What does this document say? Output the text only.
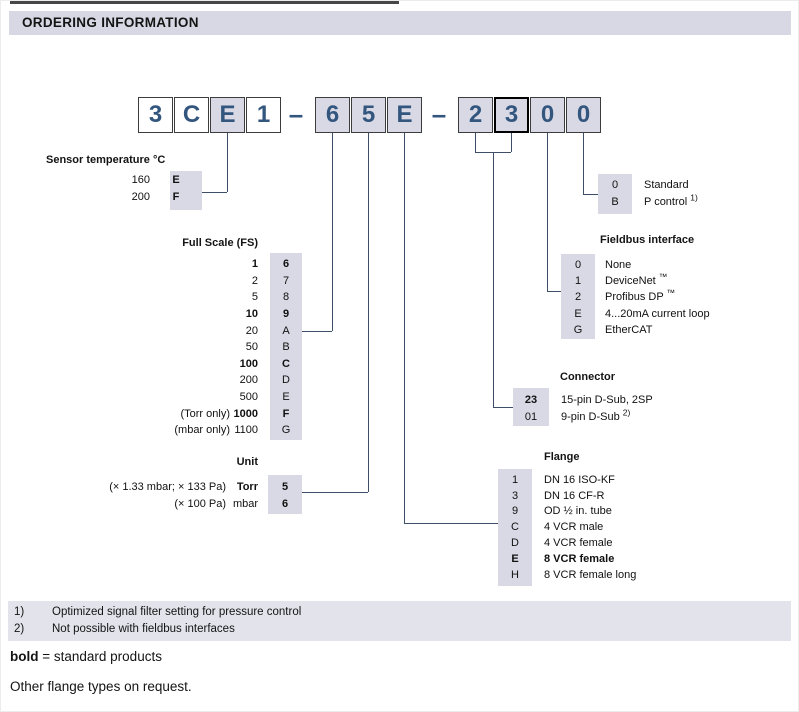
ORDERING INFORMATION
3 C E 1 – 6 5 E – 2 3 0 0
Sensor temperature °C
Full Scale (FS)
Unit
Fieldbus interface
Connector
Flange
160	E
200	F
1	6
2	7
5	8
10	9
20	A
50	B
100	C
200	D
500	E
(Torr only) 1000	F
(mbar only) 1100	G
(× 1.33 mbar; × 133 Pa) Torr	5
(× 100 Pa) mbar	6
0	Standard
B	P control $^{1)}$
0	None
1	DeviceNet ™
2	Profibus DP ™
E	4...20mA current loop
G	EtherCAT
23	15-pin D-Sub, 2SP
01	9-pin D-Sub $^{2)}$
1	DN 16 ISO-KF
3	DN 16 CF-R
9	OD ½ in. tube
C	4 VCR male
D	4 VCR female
E	8 VCR female
H	8 VCR female long
1)	Optimized signal filter setting for pressure control
2)	Not possible with fieldbus interfaces
bold = standard products
Other flange types on request.
